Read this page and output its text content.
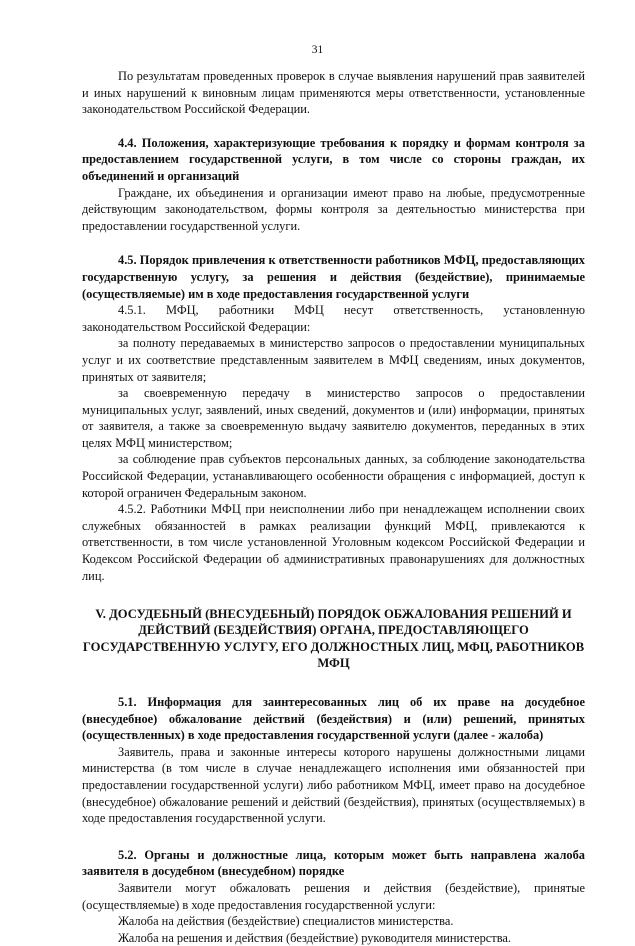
31

По результатам проведенных проверок в случае выявления нарушений прав заявителей и иных нарушений к виновным лицам применяются меры ответственности, установленные законодательством Российской Федерации.

4.4. Положения, характеризующие требования к порядку и формам контроля за предоставлением государственной услуги, в том числе со стороны граждан, их объединений и организаций

Граждане, их объединения и организации имеют право на любые, предусмотренные действующим законодательством, формы контроля за деятельностью министерства при предоставлении государственной услуги.

4.5. Порядок привлечения к ответственности работников МФЦ, предоставляющих государственную услугу, за решения и действия (бездействие), принимаемые (осуществляемые) им в ходе предоставления государственной услуги

4.5.1. МФЦ, работники МФЦ несут ответственность, установленную законодательством Российской Федерации:

за полноту передаваемых в министерство запросов о предоставлении муниципальных услуг и их соответствие представленным заявителем в МФЦ сведениям, иных документов, принятых от заявителя;

за своевременную передачу в министерство запросов о предоставлении муниципальных услуг, заявлений, иных сведений, документов и (или) информации, принятых от заявителя, а также за своевременную выдачу заявителю документов, переданных в этих целях МФЦ министерством;

за соблюдение прав субъектов персональных данных, за соблюдение законодательства Российской Федерации, устанавливающего особенности обращения с информацией, доступ к которой ограничен Федеральным законом.

4.5.2. Работники МФЦ при неисполнении либо при ненадлежащем исполнении своих служебных обязанностей в рамках реализации функций МФЦ, привлекаются к ответственности, в том числе установленной Уголовным кодексом Российской Федерации и Кодексом Российской Федерации об административных правонарушениях для должностных лиц.

V. ДОСУДЕБНЫЙ (ВНЕСУДЕБНЫЙ) ПОРЯДОК ОБЖАЛОВАНИЯ РЕШЕНИЙ И ДЕЙСТВИЙ (БЕЗДЕЙСТВИЯ) ОРГАНА, ПРЕДОСТАВЛЯЮЩЕГО ГОСУДАРСТВЕННУЮ УСЛУГУ, ЕГО ДОЛЖНОСТНЫХ ЛИЦ, МФЦ, РАБОТНИКОВ МФЦ

5.1. Информация для заинтересованных лиц об их праве на досудебное (внесудебное) обжалование действий (бездействия) и (или) решений, принятых (осуществленных) в ходе предоставления государственной услуги (далее - жалоба)

Заявитель, права и законные интересы которого нарушены должностными лицами министерства (в том числе в случае ненадлежащего исполнения ими обязанностей при предоставлении государственной услуги) либо работником МФЦ, имеет право на досудебное (внесудебное) обжалование решений и действий (бездействия), принятых (осуществляемых) в ходе предоставления государственной услуги.

5.2. Органы и должностные лица, которым может быть направлена жалоба заявителя в досудебном (внесудебном) порядке

Заявители могут обжаловать решения и действия (бездействие), принятые (осуществляемые) в ходе предоставления государственной услуги:

Жалоба на действия (бездействие) специалистов министерства.

Жалоба на решения и действия (бездействие) руководителя министерства.
